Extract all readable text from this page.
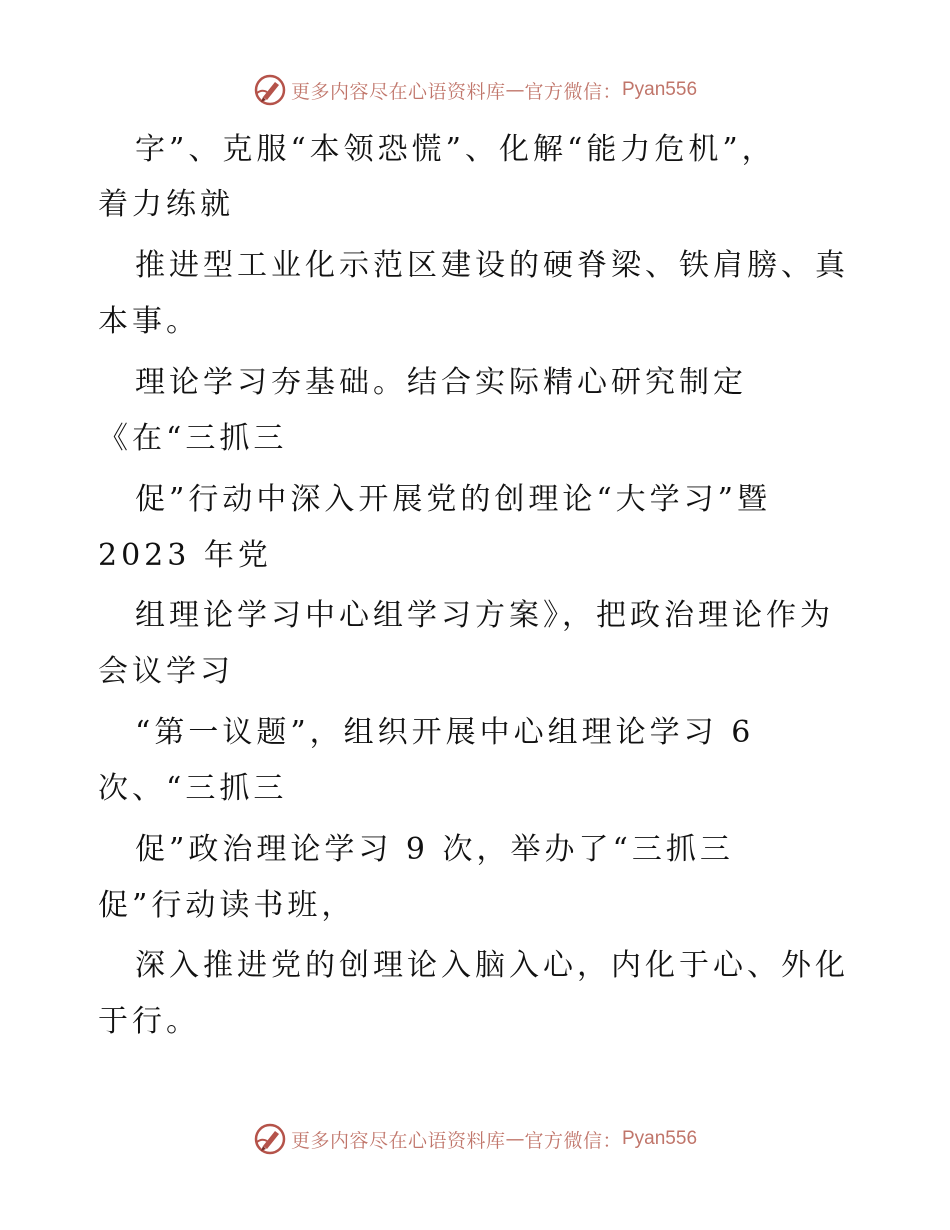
更多内容尽在心语资料库 — 官方微信： Pyan556
字”、克服“本领恐慌”、化解“能力危机”，
着力练就
推进型工业化示范区建设的硬脊梁、铁肩膀、真
本事。
理论学习夯基础。结合实际精心研究制定
《在“三抓三
促”行动中深入开展党的创理论“大学习”暨
2023 年党
组理论学习中心组学习方案》，把政治理论作为
会议学习
“第一议题”，组织开展中心组理论学习 6
次、“三抓三
促”政治理论学习 9 次，举办了“三抓三
促”行动读书班，
深入推进党的创理论入脑入心，内化于心、外化
于行。
更多内容尽在心语资料库 — 官方微信： Pyan556
